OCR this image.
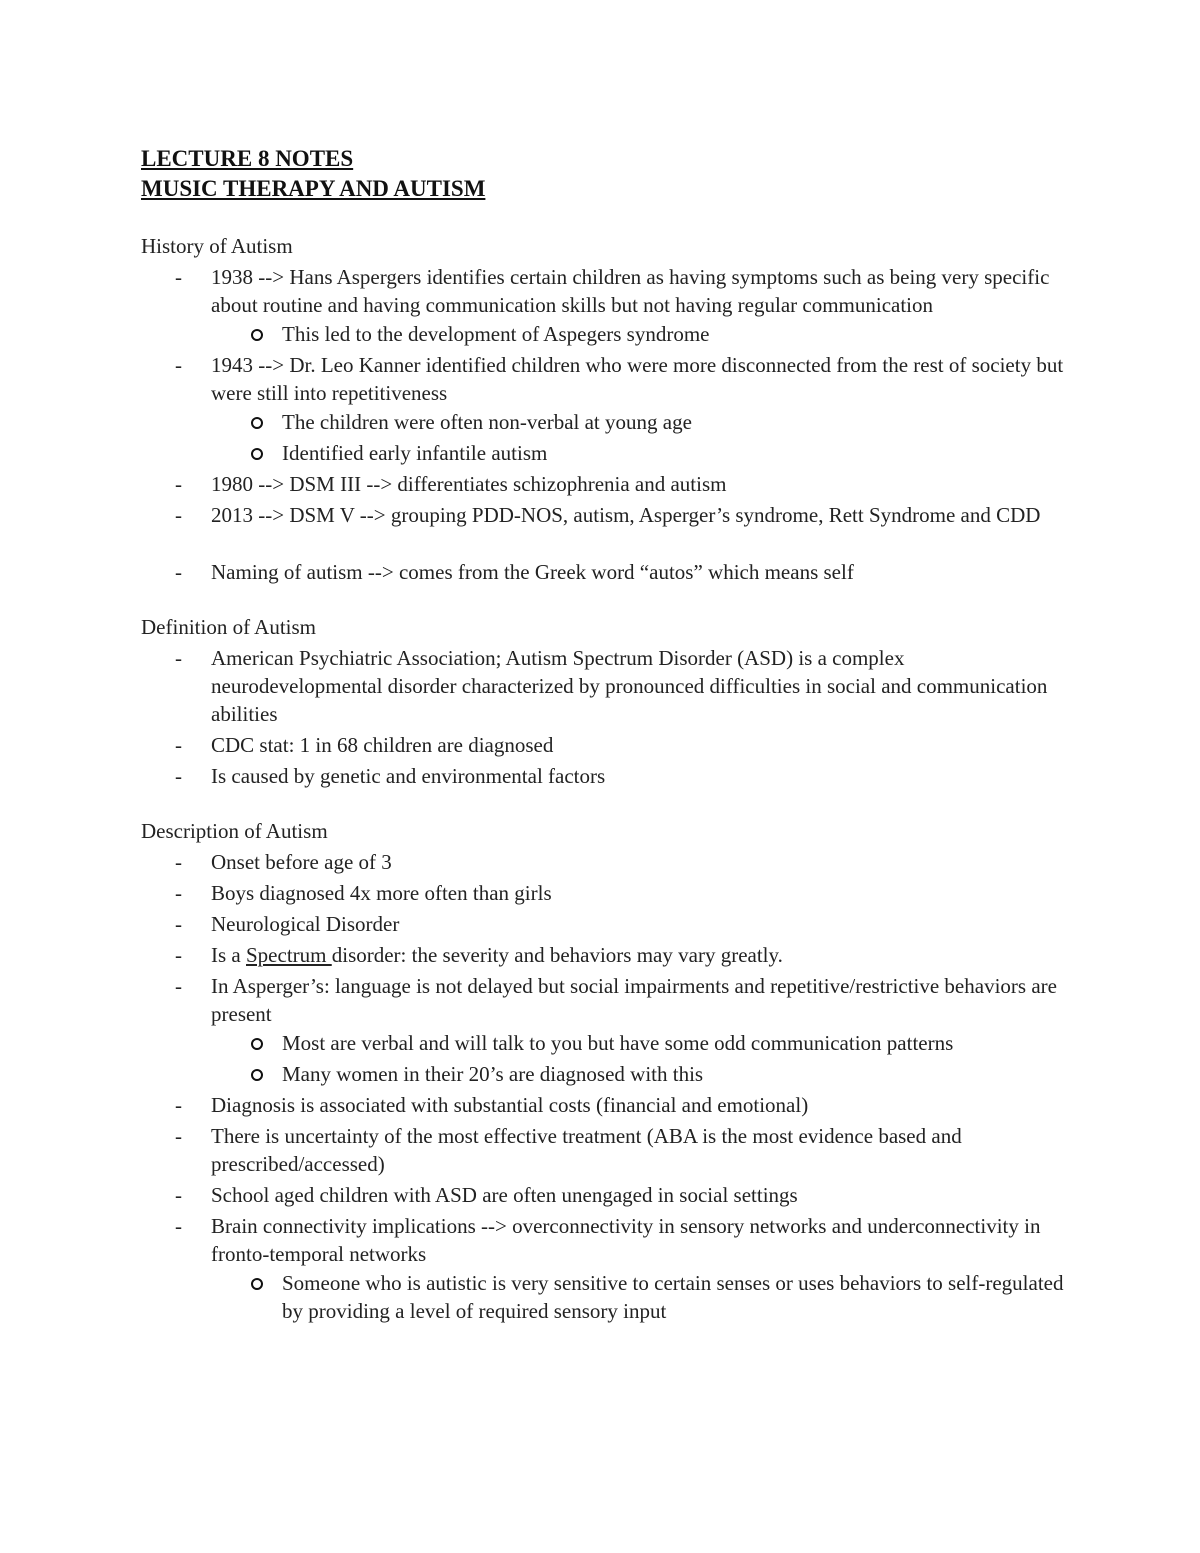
LECTURE 8 NOTES

MUSIC THERAPY AND AUTISM

History of Autism

- 1938 --> Hans Aspergers identifies certain children as having symptoms such as being very specific about routine and having communication skills but not having regular communication
This led to the development of Aspegers syndrome
- 1943 --> Dr. Leo Kanner identified children who were more disconnected from the rest of society but were still into repetitiveness
The children were often non-verbal at young age
Identified early infantile autism
- 1980 --> DSM III --> differentiates schizophrenia and autism
- 2013 --> DSM V --> grouping PDD-NOS, autism, Asperger’s syndrome, Rett Syndrome and CDD
- Naming of autism --> comes from the Greek word “autos” which means self

Definition of Autism

- American Psychiatric Association; Autism Spectrum Disorder (ASD) is a complex neurodevelopmental disorder characterized by pronounced difficulties in social and communication abilities
- CDC stat: 1 in 68 children are diagnosed
- Is caused by genetic and environmental factors

Description of Autism

- Onset before age of 3
- Boys diagnosed 4x more often than girls
- Neurological Disorder
- Is a Spectrum disorder: the severity and behaviors may vary greatly.
- In Asperger’s: language is not delayed but social impairments and repetitive/restrictive behaviors are present
Most are verbal and will talk to you but have some odd communication patterns
Many women in their 20’s are diagnosed with this
- Diagnosis is associated with substantial costs (financial and emotional)
- There is uncertainty of the most effective treatment (ABA is the most evidence based and prescribed/accessed)
- School aged children with ASD are often unengaged in social settings
- Brain connectivity implications --> overconnectivity in sensory networks and underconnectivity in fronto-temporal networks
Someone who is autistic is very sensitive to certain senses or uses behaviors to self-regulated by providing a level of required sensory input
